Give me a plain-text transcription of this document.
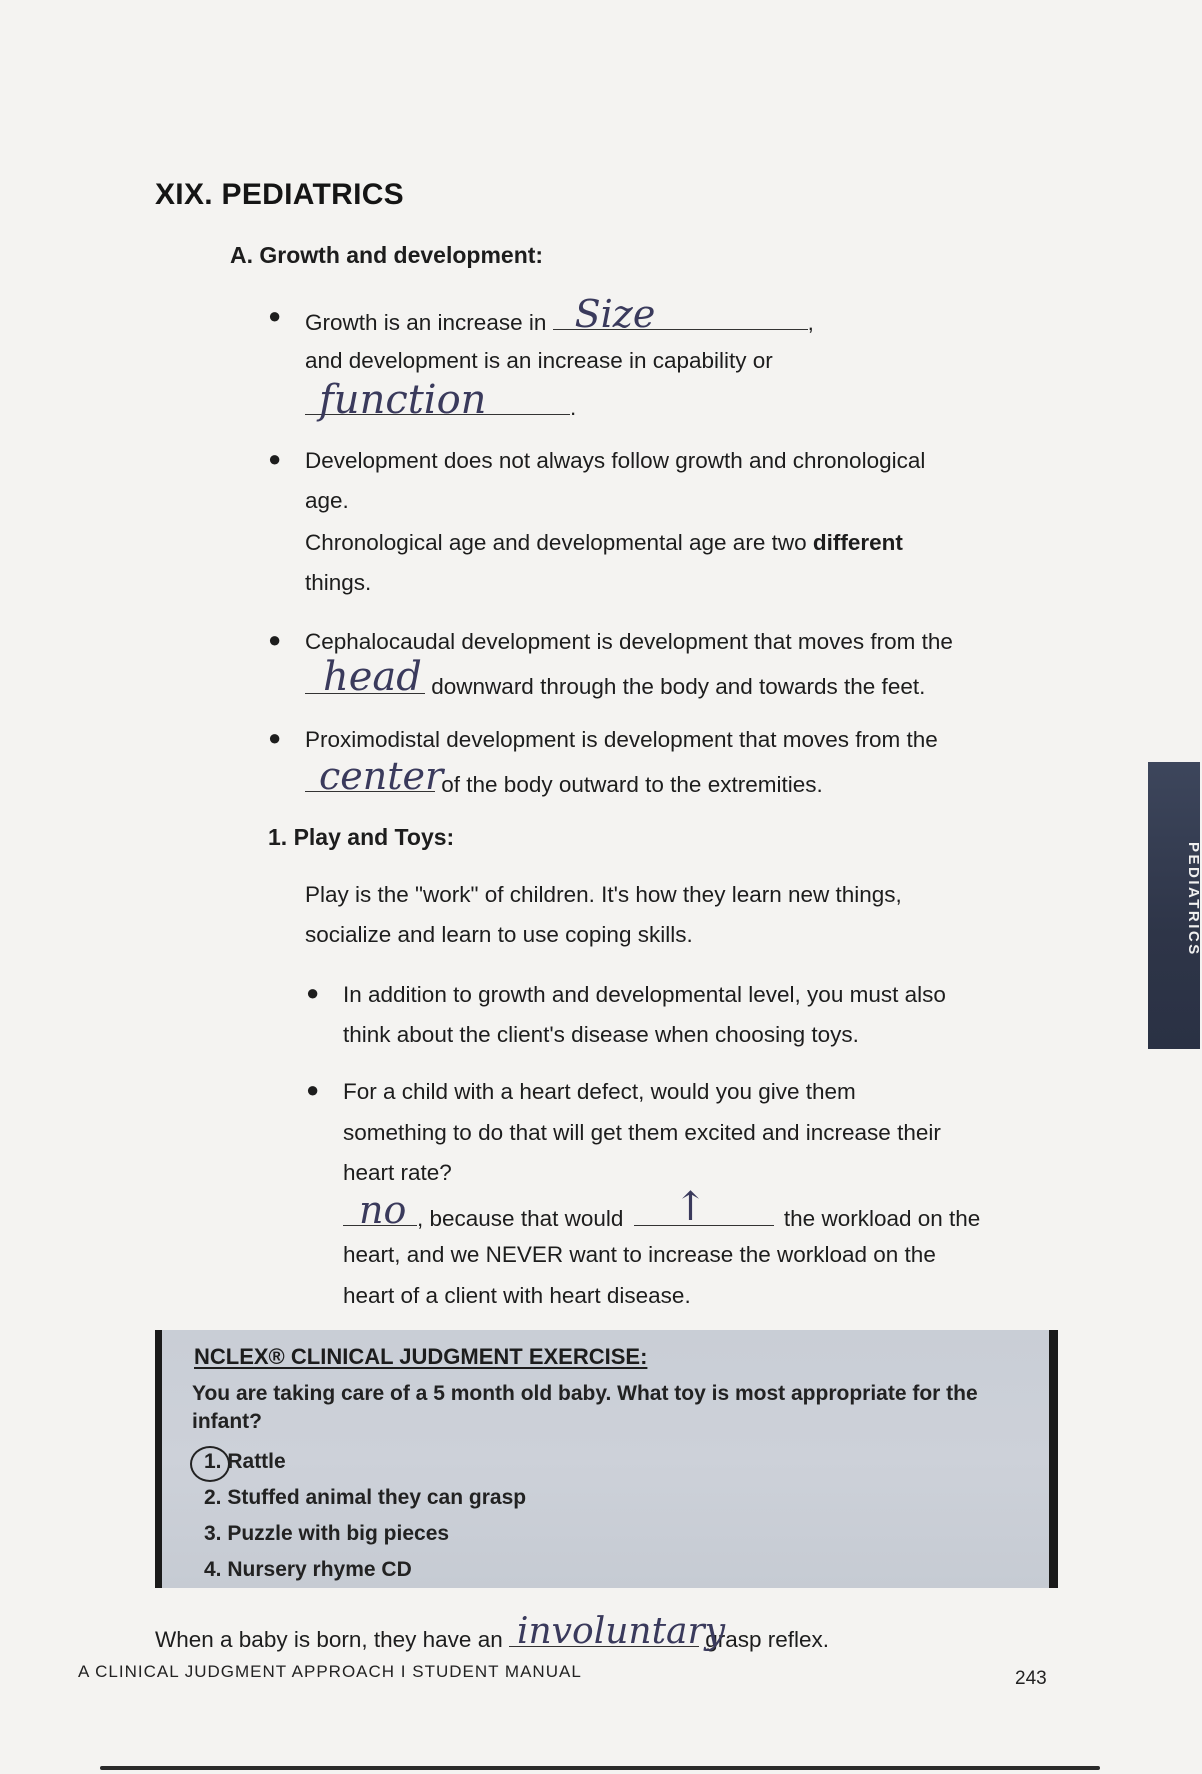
XIX. PEDIATRICS
A. Growth and development:
● Growth is an increase in Size	,
and development is an increase in capability or
function	.
● Development does not always follow growth and chronological
age.
Chronological age and developmental age are two different
things.
● Cephalocaudal development is development that moves from the
head downward through the body and towards the feet.
● Proximodistal development is development that moves from the
center
of the body outward to the extremities.
1. Play and Toys:
Play is the "work" of children. It's how they learn new things,
socialize and learn to use coping skills.
● In addition to growth and developmental level, you must also
think about the client's disease when choosing toys.
● For a child with a heart defect, would you give them
something to do that will get them excited and increase their
heart rate?
no , because that would ↑	the workload on the
heart, and we NEVER want to increase the workload on the
heart of a client with heart disease.
NCLEX® CLINICAL JUDGMENT EXERCISE:
You are taking care of a 5 month old baby. What toy is most appropriate for the
infant?
1. Rattle
2. Stuffed animal they can grasp
3. Puzzle with big pieces
4. Nursery rhyme CD
When a baby is born, they have an involuntary
grasp reflex.
PEDIATRICS
A CLINICAL JUDGMENT APPROACH I STUDENT MANUAL	243
